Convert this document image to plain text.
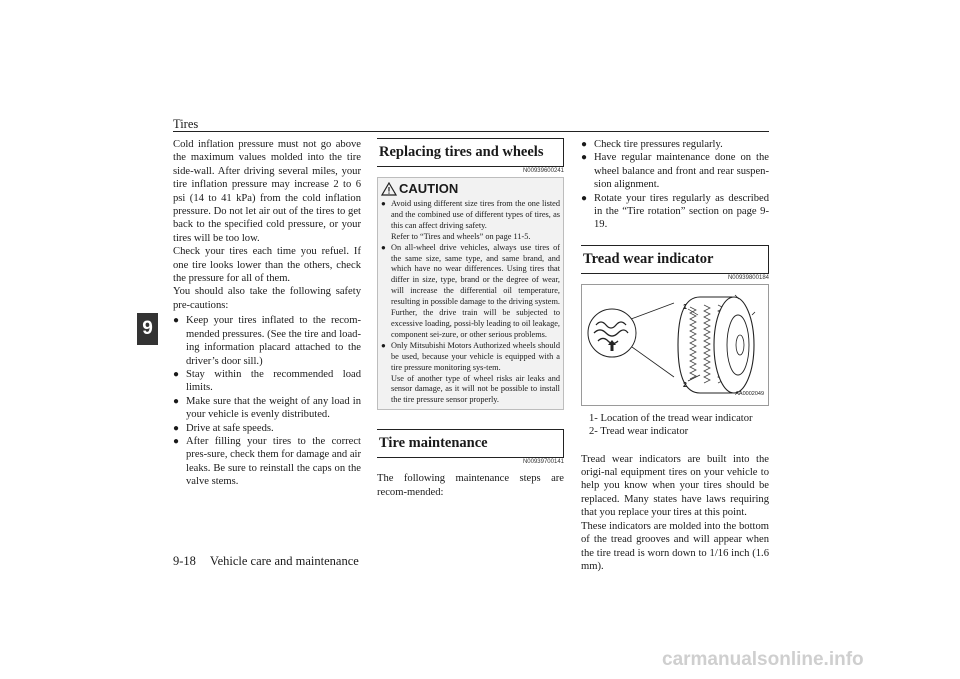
Tires
9
Cold inflation pressure must not go above the maximum values molded into the tire side-wall. After driving several miles, your tire inflation pressure may increase 2 to 6 psi (14 to 41 kPa) from the cold inflation pressure. Do not let air out of the tires to get back to the specified cold pressure, or your tires will be too low.
Check your tires each time you refuel. If one tire looks lower than the others, check the pressure for all of them.
You should also take the following safety pre-cautions:
● Keep your tires inflated to the recom-mended pressures. (See the tire and load-ing information placard attached to the driver’s door sill.)
● Stay within the recommended load limits.
● Make sure that the weight of any load in your vehicle is evenly distributed.
● Drive at safe speeds.
● After filling your tires to the correct pres-sure, check them for damage and air leaks. Be sure to reinstall the caps on the valve stems.
Replacing tires and wheels
N00939600241
CAUTION
● Avoid using different size tires from the one listed and the combined use of different types of tires, as this can affect driving safety.
Refer to “Tires and wheels” on page 11-5.
● On all-wheel drive vehicles, always use tires of the same size, same type, and same brand, and which have no wear differences. Using tires that differ in size, type, brand or the degree of wear, will increase the differential oil temperature, resulting in possible damage to the driving system. Further, the drive train will be subjected to excessive loading, possi-bly leading to oil leakage, component sei-zure, or other serious problems.
● Only Mitsubishi Motors Authorized wheels should be used, because your vehicle is equipped with a tire pressure monitoring sys-tem.
Use of another type of wheel risks air leaks and sensor damage, as it will not be possible to install the tire pressure sensor properly.
Tire maintenance
N00939700141
The following maintenance steps are recom-mended:
● Check tire pressures regularly.
● Have regular maintenance done on the wheel balance and front and rear suspen-sion alignment.
● Rotate your tires regularly as described in the “Tire rotation” section on page 9-19.
Tread wear indicator
N00939800184
1
2
AA0002049
1- Location of the tread wear indicator
2- Tread wear indicator
Tread wear indicators are built into the origi-nal equipment tires on your vehicle to help you know when your tires should be replaced. Many states have laws requiring that you replace your tires at this point.
These indicators are molded into the bottom of the tread grooves and will appear when the tire tread is worn down to 1/16 inch (1.6 mm).
9-18 Vehicle care and maintenance
carmanualsonline.info
